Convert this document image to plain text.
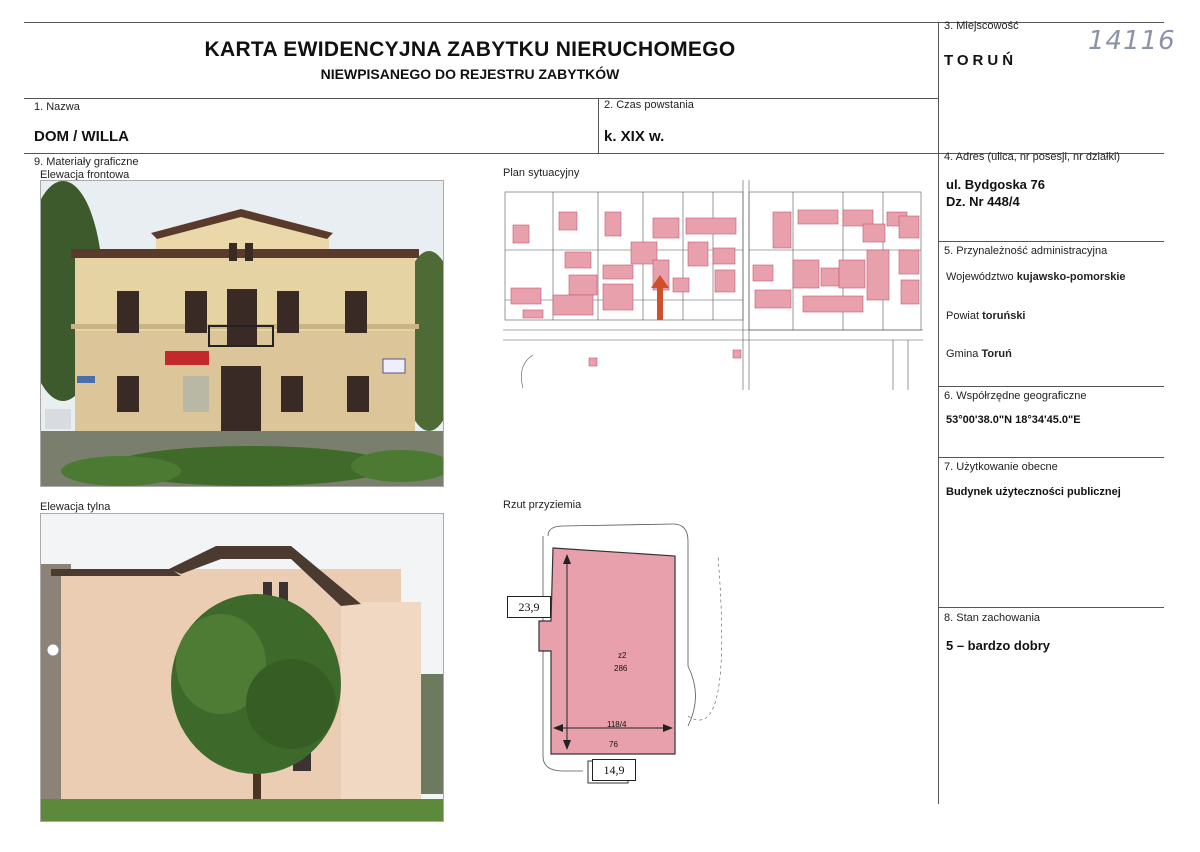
KARTA EWIDENCYJNA ZABYTKU NIERUCHOMEGO
NIEWPISANEGO DO REJESTRU ZABYTKÓW
3. Miejscowość
TORUŃ
14116
1. Nazwa
DOM / WILLA
2. Czas powstania
k. XIX w.
4. Adres (ulica, nr posesji, nr działki)
ul. Bydgoska 76
Dz. Nr 448/4
5. Przynależność administracyjna
Województwo kujawsko-pomorskie
Powiat toruński
Gmina Toruń
6. Współrzędne geograficzne
53°00'38.0"N 18°34'45.0"E
7. Użytkowanie obecne
Budynek użyteczności publicznej
8. Stan zachowania
5 – bardzo dobry
9. Materiały graficzne
Elewacja frontowa	Plan sytuacyjny
Elewacja tylna	Rzut przyziemia
23,9
14,9
z2
286
118/4
76
